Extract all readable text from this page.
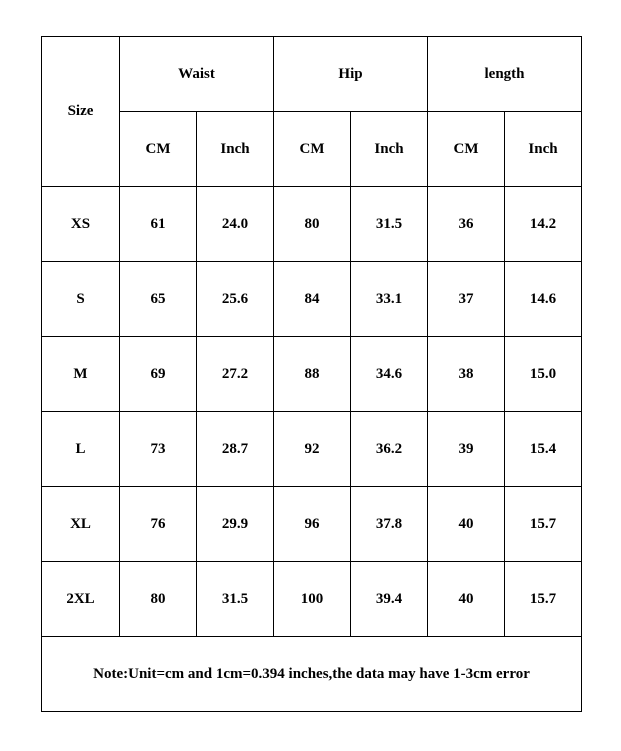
Size	Waist		Hip		length	
	CM	Inch	CM	Inch	CM	Inch
XS	61	24.0	80	31.5	36	14.2
S	65	25.6	84	33.1	37	14.6
M	69	27.2	88	34.6	38	15.0
L	73	28.7	92	36.2	39	15.4
XL	76	29.9	96	37.8	40	15.7
2XL	80	31.5	100	39.4	40	15.7
Note:Unit=cm and 1cm=0.394 inches,the data may have 1-3cm error						
